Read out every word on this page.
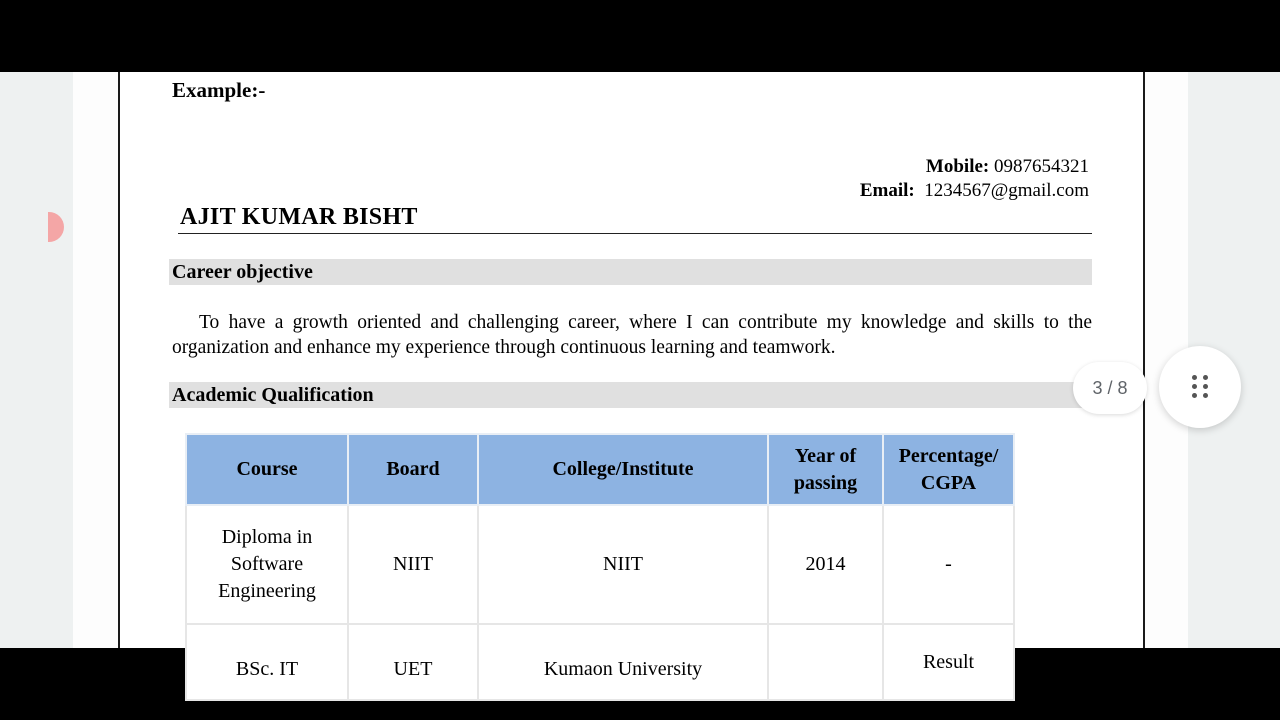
Example:-
Mobile: 0987654321
Email: 1234567@gmail.com
AJIT KUMAR BISHT
Career objective
To have a growth oriented and challenging career, where I can contribute my knowledge and skills to the organization and enhance my experience through continuous learning and teamwork.
Academic Qualification
Course	Board	College/Institute	Year of passing	Percentage/ CGPA
Diploma in Software Engineering	NIIT	NIIT	2014	-
BSc. IT	UET	Kumaon University		Result
3 / 8
